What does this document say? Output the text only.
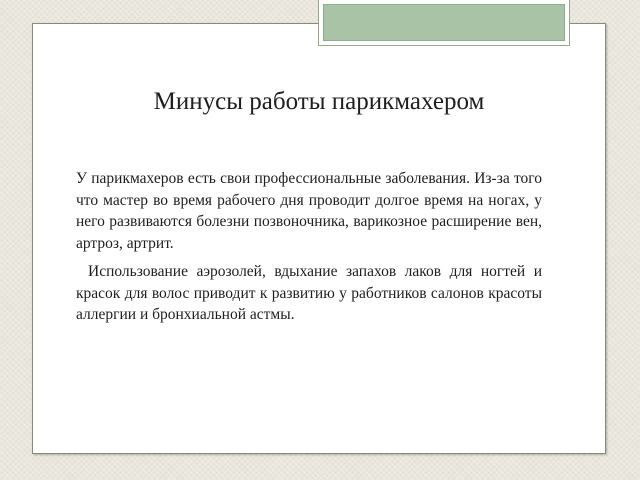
Минусы работы парикмахером

У парикмахеров есть свои профессиональные заболевания. Из-за того что мастер во время рабочего дня проводит долгое время на ногах, у него развиваются болезни позвоночника, варикозное расширение вен, артроз, артрит.

Использование аэрозолей, вдыхание запахов лаков для ногтей и красок для волос приводит к развитию у работников салонов красоты аллергии и бронхиальной астмы.
